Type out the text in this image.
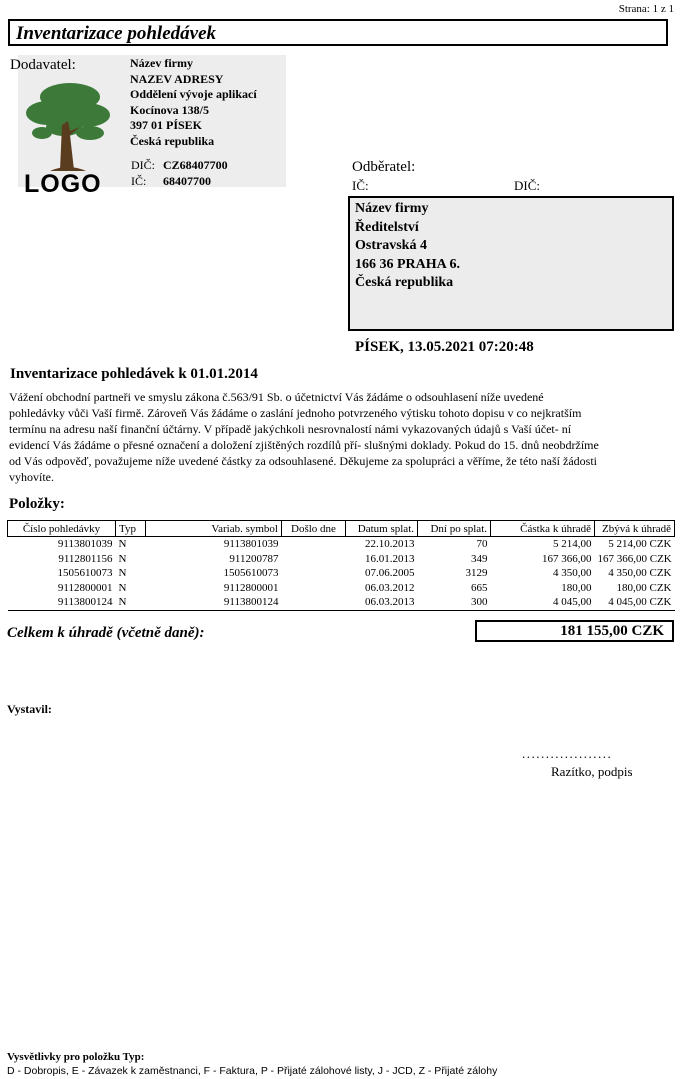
Strana: 1 z 1
Inventarizace pohledávek
Dodavatel:
LOGO
Název firmy
NAZEV ADRESY
Oddělení vývoje aplikací
Kocínova 138/5
397 01 PÍSEK
Česká republika
DIČ: CZ68407700
IČ: 68407700
Odběratel:
IČ:	DIČ:
Název firmy
Ředitelství
Ostravská 4
166 36 PRAHA 6.
Česká republika
PÍSEK, 13.05.2021 07:20:48
Inventarizace pohledávek k 01.01.2014
Vážení obchodní partneři ve smyslu zákona č.563/91 Sb. o účetnictví Vás žádáme o odsouhlasení níže uvedené
pohledávky vůči Vaší firmě. Zároveň Vás žádáme o zaslání jednoho potvrzeného výtisku tohoto dopisu v co nejkratším
termínu na adresu naší finanční účtárny. V případě jakýchkoli nesrovnalostí námi vykazovaných údajů s Vaší účet- ní
evidencí Vás žádáme o přesné označení a doložení zjištěných rozdílů pří- slušnými doklady. Pokud do 15. dnů neobdržíme
od Vás odpověď, považujeme níže uvedené částky za odsouhlasené. Děkujeme za spolupráci a věříme, že této naší žádosti
vyhovíte.
Položky:
Číslo pohledávky	Typ	Variab. symbol	Došlo dne	Datum splat.	Dní po splat.	Částka k úhradě	Zbývá k úhradě
9113801039	N	9113801039		22.10.2013	70	5 214,00	5 214,00 CZK
9112801156	N	911200787		16.01.2013	349	167 366,00	167 366,00 CZK
1505610073	N	1505610073		07.06.2005	3129	4 350,00	4 350,00 CZK
9112800001	N	9112800001		06.03.2012	665	180,00	180,00 CZK
9113800124	N	9113800124		06.03.2013	300	4 045,00	4 045,00 CZK
Celkem k úhradě (včetně daně):	181 155,00 CZK
Vystavil:
...................
Razítko, podpis
Vysvětlivky pro položku Typ:
D - Dobropis, E - Závazek k zaměstnanci, F - Faktura, P - Přijaté zálohové listy, J - JCD, Z - Přijaté zálohy
